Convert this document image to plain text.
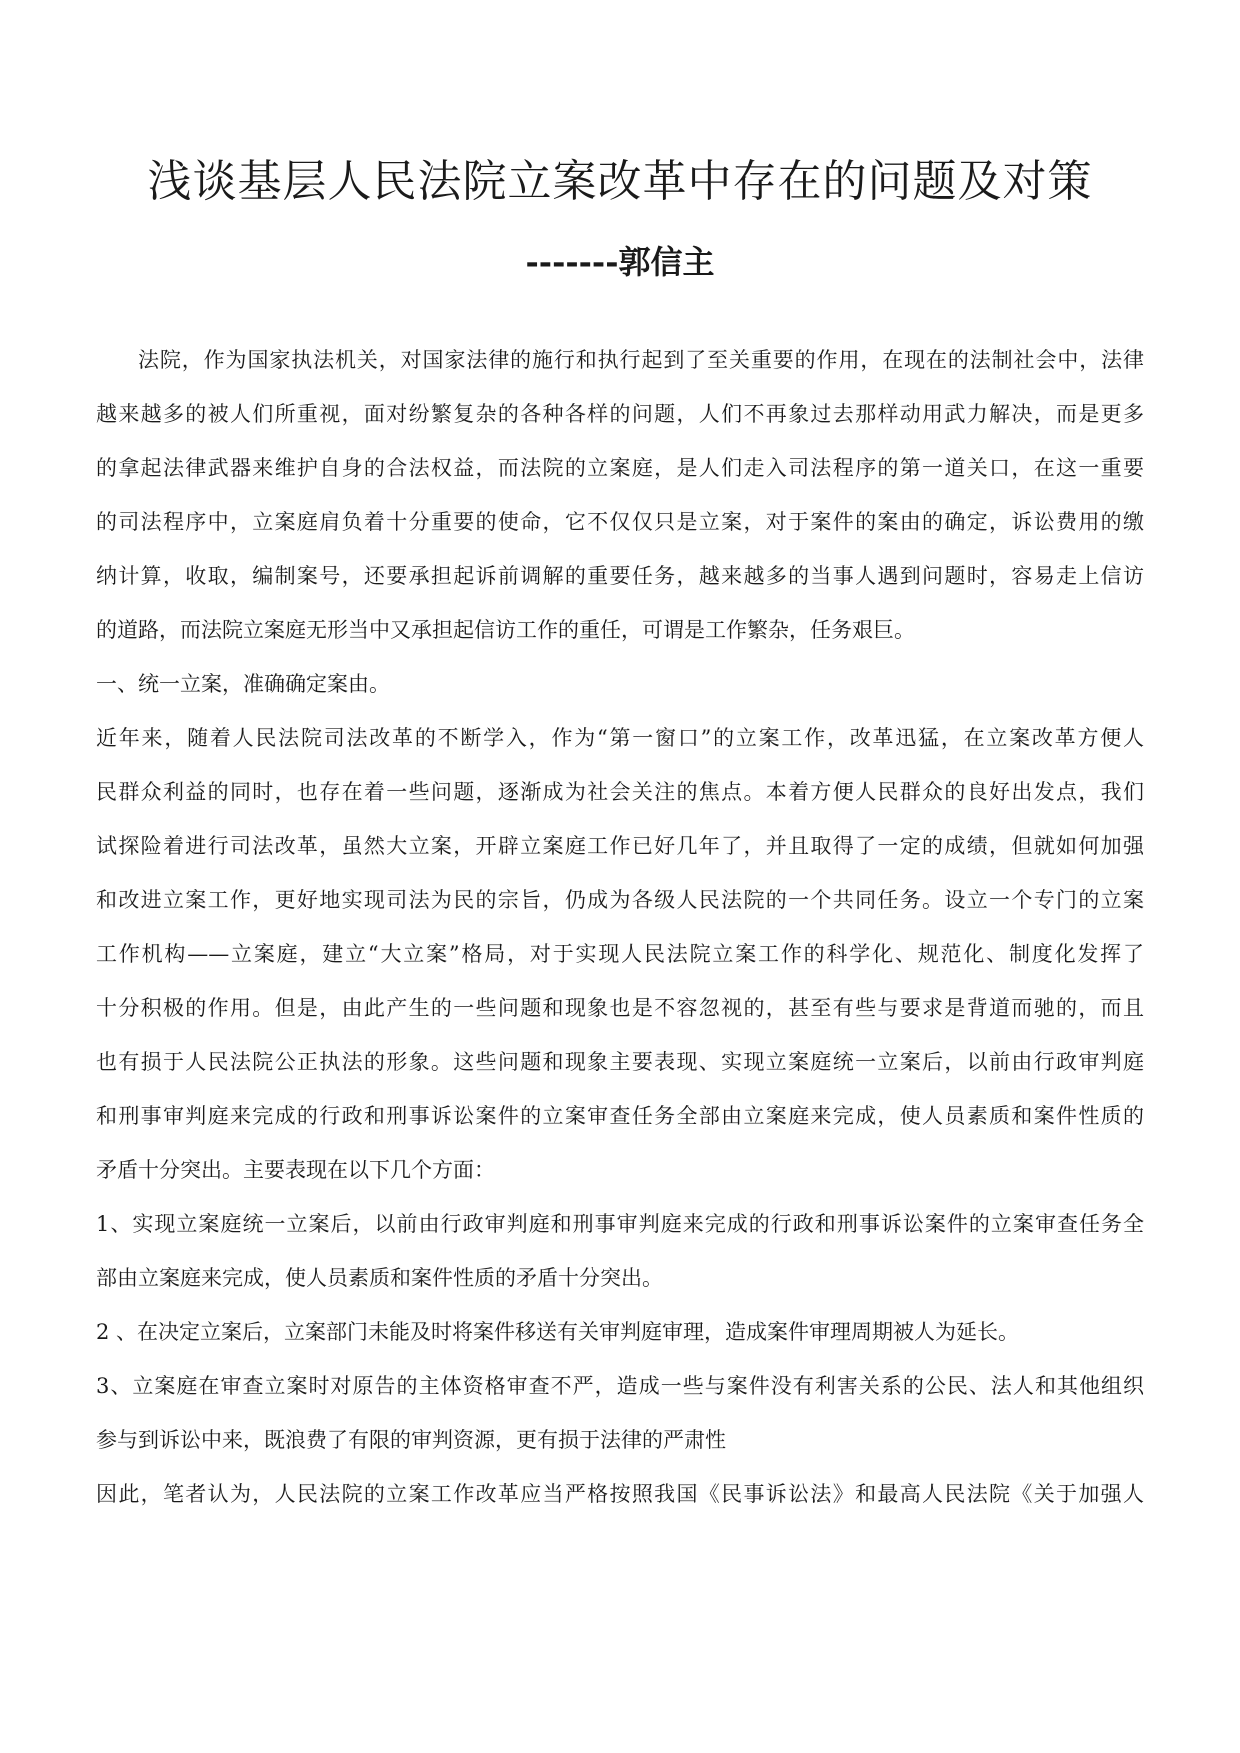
浅谈基层人民法院立案改革中存在的问题及对策
-------郭信主
法院，作为国家执法机关，对国家法律的施行和执行起到了至关重要的作用，在现在的法制社会中，法律
越来越多的被人们所重视，面对纷繁复杂的各种各样的问题，人们不再象过去那样动用武力解决，而是更多
的拿起法律武器来维护自身的合法权益，而法院的立案庭，是人们走入司法程序的第一道关口，在这一重要
的司法程序中，立案庭肩负着十分重要的使命，它不仅仅只是立案，对于案件的案由的确定，诉讼费用的缴
纳计算，收取，编制案号，还要承担起诉前调解的重要任务，越来越多的当事人遇到问题时，容易走上信访
的道路，而法院立案庭无形当中又承担起信访工作的重任，可谓是工作繁杂，任务艰巨。
一、统一立案，准确确定案由。
近年来，随着人民法院司法改革的不断学入，作为“第一窗口”的立案工作，改革迅猛，在立案改革方便人
民群众利益的同时，也存在着一些问题，逐渐成为社会关注的焦点。本着方便人民群众的良好出发点，我们
试探险着进行司法改革，虽然大立案，开辟立案庭工作已好几年了，并且取得了一定的成绩，但就如何加强
和改进立案工作，更好地实现司法为民的宗旨，仍成为各级人民法院的一个共同任务。设立一个专门的立案
工作机构——立案庭，建立“大立案”格局，对于实现人民法院立案工作的科学化、规范化、制度化发挥了
十分积极的作用。但是，由此产生的一些问题和现象也是不容忽视的，甚至有些与要求是背道而驰的，而且
也有损于人民法院公正执法的形象。这些问题和现象主要表现、实现立案庭统一立案后，以前由行政审判庭
和刑事审判庭来完成的行政和刑事诉讼案件的立案审查任务全部由立案庭来完成，使人员素质和案件性质的
矛盾十分突出。主要表现在以下几个方面：
1、实现立案庭统一立案后，以前由行政审判庭和刑事审判庭来完成的行政和刑事诉讼案件的立案审查任务全
部由立案庭来完成，使人员素质和案件性质的矛盾十分突出。
2 、在决定立案后，立案部门未能及时将案件移送有关审判庭审理，造成案件审理周期被人为延长。
3、立案庭在审查立案时对原告的主体资格审查不严，造成一些与案件没有利害关系的公民、法人和其他组织
参与到诉讼中来，既浪费了有限的审判资源，更有损于法律的严肃性
因此，笔者认为，人民法院的立案工作改革应当严格按照我国《民事诉讼法》和最高人民法院《关于加强人
